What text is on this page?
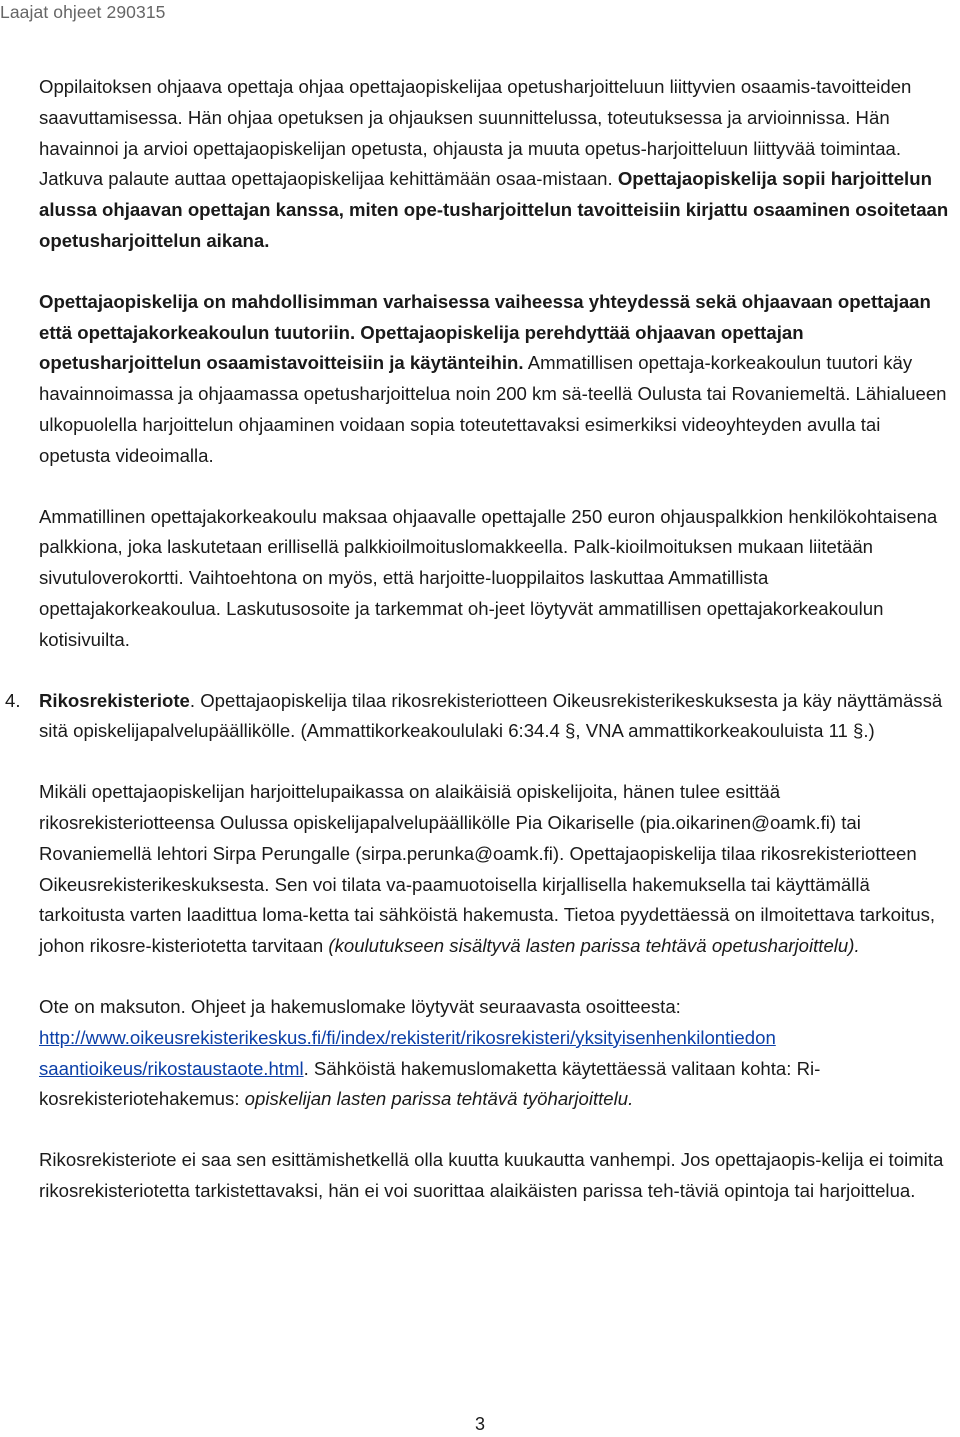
Laajat ohjeet 290315

Oppilaitoksen ohjaava opettaja ohjaa opettajaopiskelijaa opetusharjoitteluun liittyvien osaamis-tavoitteiden saavuttamisessa. Hän ohjaa opetuksen ja ohjauksen suunnittelussa, toteutuksessa ja arvioinnissa. Hän havainnoi ja arvioi opettajaopiskelijan opetusta, ohjausta ja muuta opetus-harjoitteluun liittyvää toimintaa. Jatkuva palaute auttaa opettajaopiskelijaa kehittämään osaa-mistaan. Opettajaopiskelija sopii harjoittelun alussa ohjaavan opettajan kanssa, miten ope-tusharjoittelun tavoitteisiin kirjattu osaaminen osoitetaan opetusharjoittelun aikana.

Opettajaopiskelija on mahdollisimman varhaisessa vaiheessa yhteydessä sekä ohjaavaan opettajaan että opettajakorkeakoulun tuutoriin. Opettajaopiskelija perehdyttää ohjaavan opettajan opetusharjoittelun osaamistavoitteisiin ja käytänteihin. Ammatillisen opettaja-korkeakoulun tuutori käy havainnoimassa ja ohjaamassa opetusharjoittelua noin 200 km sä-teellä Oulusta tai Rovaniemeltä. Lähialueen ulkopuolella harjoittelun ohjaaminen voidaan sopia toteutettavaksi esimerkiksi videoyhteyden avulla tai opetusta videoimalla.

Ammatillinen opettajakorkeakoulu maksaa ohjaavalle opettajalle 250 euron ohjauspalkkion henkilökohtaisena palkkiona, joka laskutetaan erillisellä palkkioilmoituslomakkeella. Palk-kioilmoituksen mukaan liitetään sivutuloverokortti. Vaihtoehtona on myös, että harjoitte-luoppilaitos laskuttaa Ammatillista opettajakorkeakoulua. Laskutusosoite ja tarkemmat oh-jeet löytyvät ammatillisen opettajakorkeakoulun kotisivuilta.

4. Rikosrekisteriote. Opettajaopiskelija tilaa rikosrekisteriotteen Oikeusrekisterikeskuksesta ja käy näyttämässä sitä opiskelijapalvelupäällikölle. (Ammattikorkeakoululaki 6:34.4 §, VNA ammattikorkeakouluista 11 §.)

Mikäli opettajaopiskelijan harjoittelupaikassa on alaikäisiä opiskelijoita, hänen tulee esittää rikosrekisteriotteensa Oulussa opiskelijapalvelupäällikölle Pia Oikariselle (pia.oikarinen@oamk.fi) tai Rovaniemellä lehtori Sirpa Perungalle (sirpa.perunka@oamk.fi). Opettajaopiskelija tilaa rikosrekisteriotteen Oikeusrekisterikeskuksesta. Sen voi tilata va-paamuotoisella kirjallisella hakemuksella tai käyttämällä tarkoitusta varten laadittua loma-ketta tai sähköistä hakemusta. Tietoa pyydettäessä on ilmoitettava tarkoitus, johon rikosre-kisteriotetta tarvitaan (koulutukseen sisältyvä lasten parissa tehtävä opetusharjoittelu).

Ote on maksuton. Ohjeet ja hakemuslomake löytyvät seuraavasta osoitteesta: http://www.oikeusrekisterikeskus.fi/fi/index/rekisterit/rikosrekisteri/yksityisenhenkilontiedon
saantioikeus/rikostaustaote.html. Sähköistä hakemuslomaketta käytettäessä valitaan kohta: Ri-kosrekisteriotehakemus: opiskelijan lasten parissa tehtävä työharjoittelu.

Rikosrekisteriote ei saa sen esittämishetkellä olla kuutta kuukautta vanhempi. Jos opettajaopis-kelija ei toimita rikosrekisteriotetta tarkistettavaksi, hän ei voi suorittaa alaikäisten parissa teh-täviä opintoja tai harjoittelua.

3
